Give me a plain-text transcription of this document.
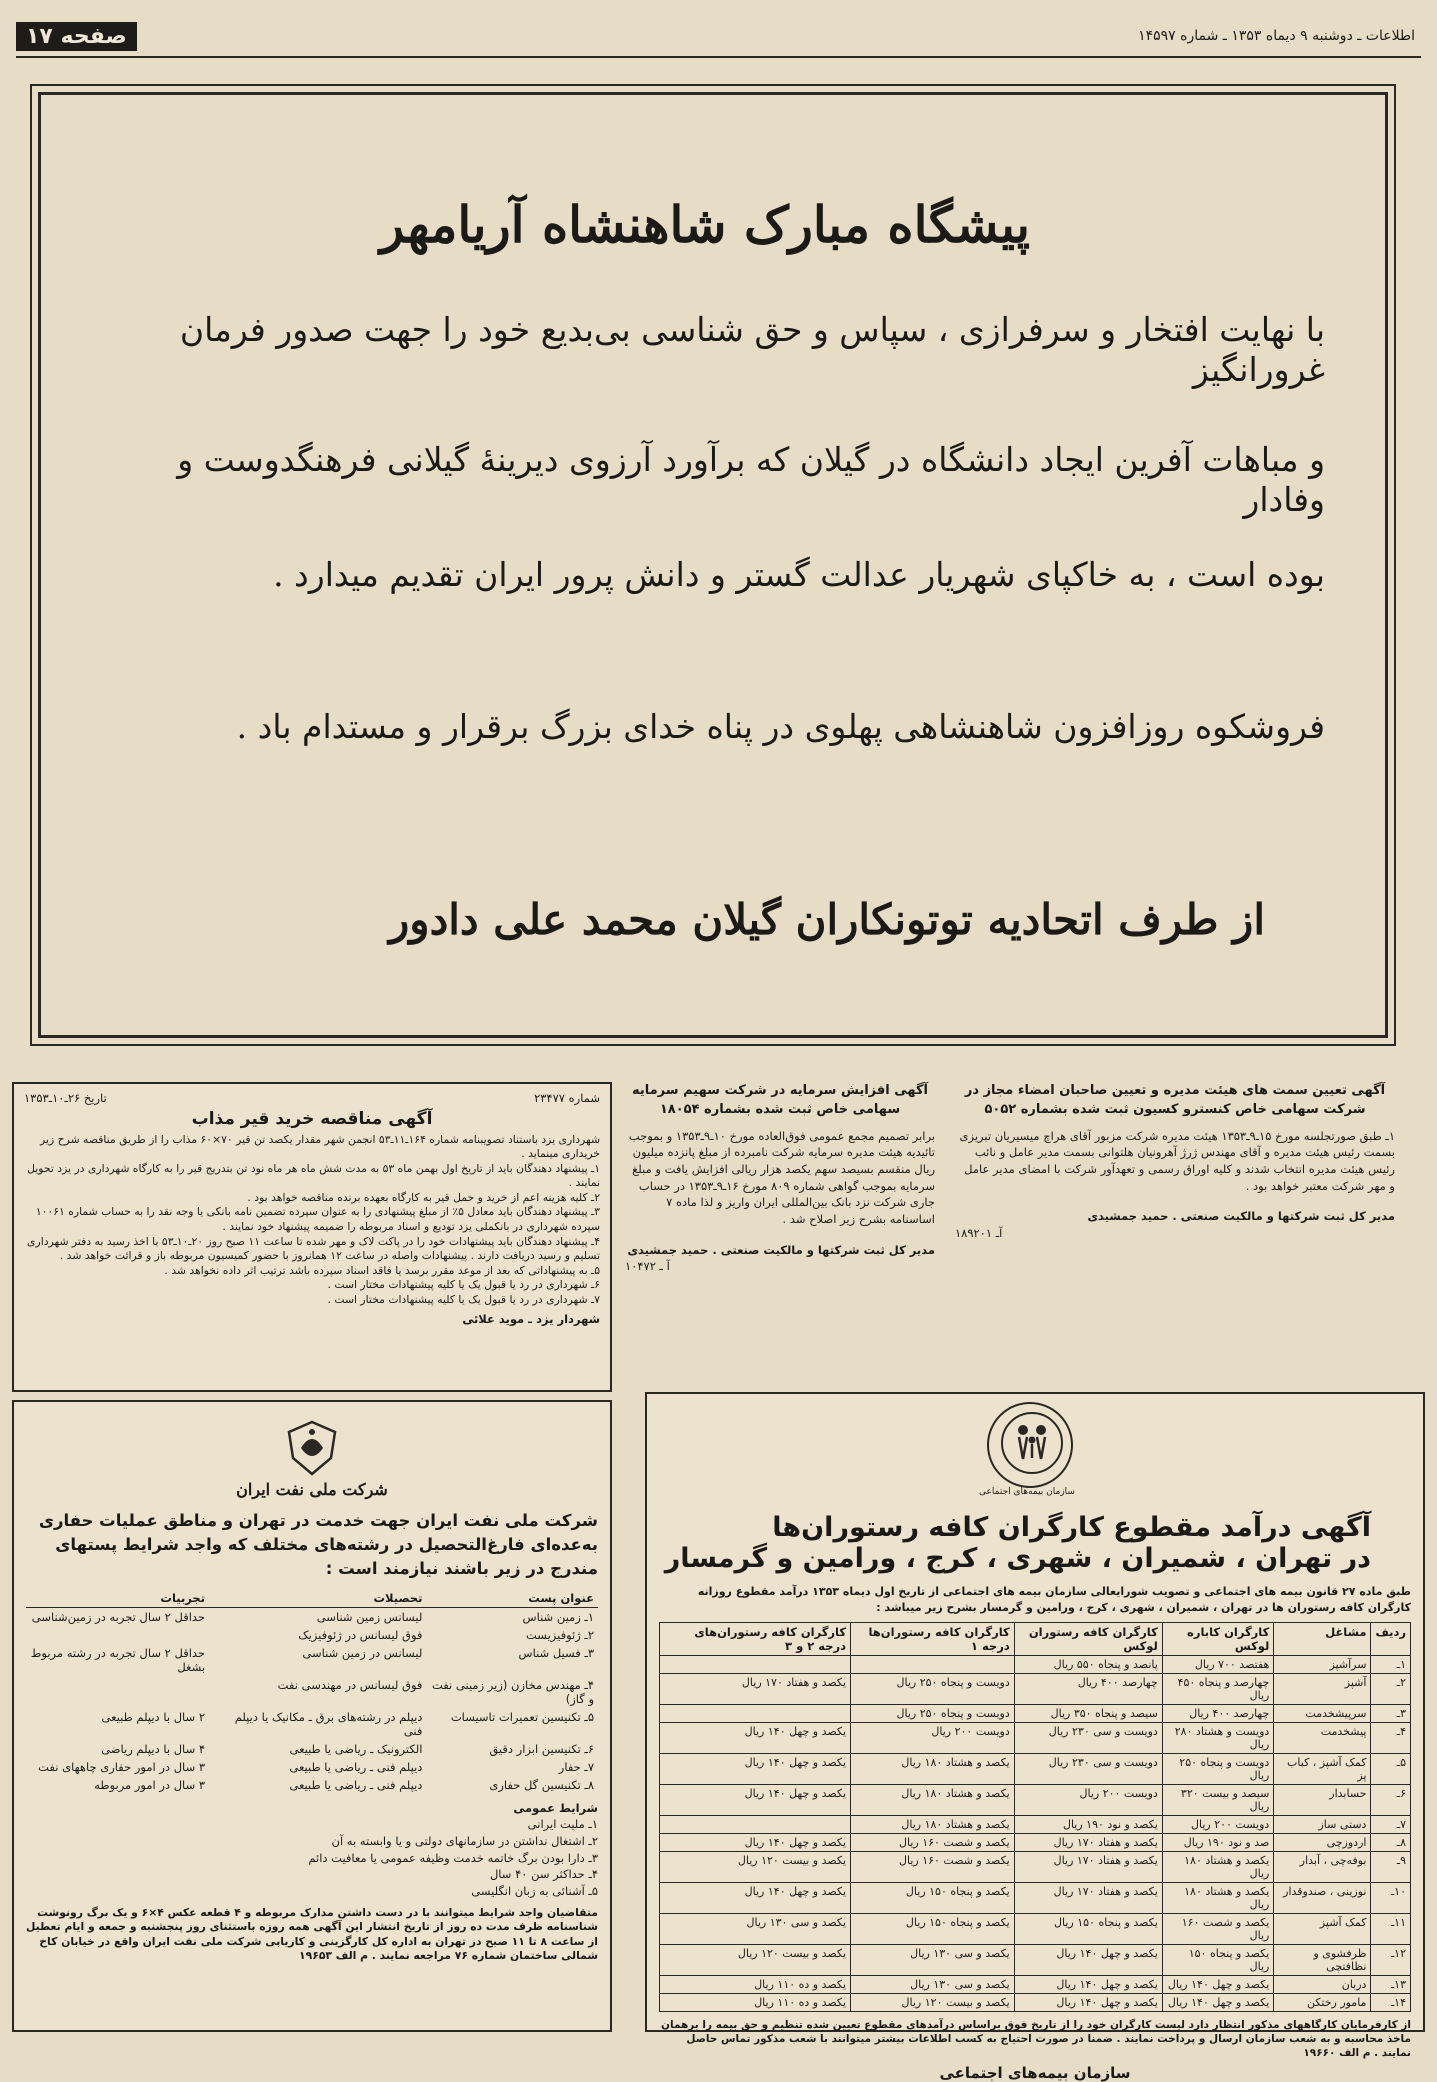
صفحه ۱۷	اطلاعات ـ دوشنبه ۹ دیماه ۱۳۵۳ ـ شماره ۱۴۵۹۷
پیشگاه مبارک شاهنشاه آریامهر
با نهایت افتخار و سرفرازی ، سپاس و حق شناسی بی‌بدیع خود را جهت صدور فرمان غرورانگیز
و مباهات آفرین ایجاد دانشگاه در گیلان که برآورد آرزوی دیرینهٔ گیلانی فرهنگدوست و وفادار
بوده است ، به خاکپای شهریار عدالت گستر و دانش پرور ایران تقدیم میدارد .
فروشکوه روزافزون شاهنشاهی پهلوی در پناه خدای بزرگ برقرار و مستدام باد .
از طرف اتحادیه توتونکاران گیلان محمد علی دادور
آگهی تعیین سمت های هیئت مدیره و تعیین صاحبان امضاء مجاز در شرکت سهامی خاص کنسترو کسیون ثبت شده بشماره ۵۰۵۲
۱ـ طبق صورتجلسه مورخ ۱۵ـ۹ـ۱۳۵۳ هیئت مدیره شرکت مزبور آقای هراچ میسیریان تبریزی بسمت رئیس هیئت مدیره و آقای مهندس ژرژ آهرونیان هلتوانی بسمت مدیر عامل و نائب رئیس هیئت مدیره انتخاب شدند و کلیه اوراق رسمی و تعهدآور شرکت با امضای مدیر عامل و مهر شرکت معتبر خواهد بود .
مدیر کل ثبت شرکتها و مالکیت صنعتی . حمید جمشیدی
آـ ۱۸۹۲۰۱
آگهی افزایش سرمایه در شرکت سهیم سرمایه سهامی خاص ثبت شده بشماره ۱۸۰۵۴
برابر تصمیم مجمع عمومی فوق‌العاده مورخ ۱۰ـ۹ـ۱۳۵۳ و بموجب تائیدیه هیئت مدیره سرمایه شرکت نامبرده از مبلغ پانزده میلیون ریال منقسم بسیصد سهم یکصد هزار ریالی افزایش یافت و مبلغ سرمایه بموجب گواهی شماره ۸۰۹ مورخ ۱۶ـ۹ـ۱۳۵۳ در حساب جاری شرکت نزد بانک بین‌المللی ایران واریز و لذا ماده ۷ اساسنامه بشرح زیر اصلاح شد .
مدیر کل ثبت شرکتها و مالکیت صنعتی . حمید جمشیدی
آ ـ ۱۰۴۷۲
شماره ۲۳۴۷۷
تاریخ ۲۶ـ۱۰ـ۱۳۵۳
آگهی مناقصه خرید قیر مذاب
شهرداری یزد باستناد تصویبنامه شماره ۱۶۴ـ۱۱ـ۵۳ انجمن شهر مقدار یکصد تن قیر ۷۰×۶۰ مذاب را از طریق مناقصه شرح زیر خریداری مینماید .
۱ـ پیشنهاد دهندگان باید از تاریخ اول بهمن ماه ۵۳ به مدت شش ماه هر ماه نود تن بتدریج قیر را به کارگاه شهرداری در یزد تحویل نمایند .
۲ـ کلیه هزینه اعم از خرید و حمل قیر به کارگاه بعهده برنده مناقصه خواهد بود .
۳ـ پیشنهاد دهندگان باید معادل ۵٪ از مبلغ پیشنهادی را به عنوان سپرده تضمین نامه بانکی یا وجه نقد را به حساب شماره ۱۰۰۶۱ سپرده شهرداری در بانکملی یزد تودیع و اسناد مربوطه را ضمیمه پیشنهاد خود نمایند .
۴ـ پیشنهاد دهندگان باید پیشنهادات خود را در پاکت لاک و مهر شده تا ساعت ۱۱ صبح روز ۲۰ـ۱۰ـ۵۳ با اخذ رسید به دفتر شهرداری تسلیم و رسید دریافت دارند . پیشنهادات واصله در ساعت ۱۲ همانروز با حضور کمیسیون مربوطه باز و قرائت خواهد شد .
۵ـ به پیشنهاداتی که بعد از موعد مقرر برسد یا فاقد اسناد سپرده باشد ترتیب اثر داده نخواهد شد .
۶ـ شهرداری در رد یا قبول یک یا کلیه پیشنهادات مختار است .
۷ـ شهرداری در رد یا قبول یک یا کلیه پیشنهادات مختار است .
شهردار یزد ـ موید علائی
سازمان بیمه‌های اجتماعی
آگهی درآمد مقطوع کارگران کافه رستوران‌ها
در تهران ، شمیران ، شهری ، کرج ، ورامین و گرمسار
طبق ماده ۲۷ قانون بیمه های اجتماعی و تصویب شورایعالی سازمان بیمه های اجتماعی از تاریخ اول دیماه ۱۳۵۳ درآمد مقطوع روزانه کارگران کافه رستوران ها در تهران ، شمیران ، شهری ، کرج ، ورامین و گرمسار بشرح زیر میباشد :
ردیف	مشاغل	کارگران کاباره لوکس	کارگران کافه رستوران لوکس	کارگران کافه رستوران‌ها درجه ۱	کارگران کافه رستوران‌های درجه ۲ و ۳
۱ـ	سرآشپز	هفتصد ۷۰۰ ریال	پانصد و پنجاه ۵۵۰ ریال		
۲ـ	آشپز	چهارصد و پنجاه ۴۵۰ ریال	چهارصد ۴۰۰ ریال	دویست و پنجاه ۲۵۰ ریال	یکصد و هفتاد ۱۷۰ ریال
۳ـ	سرپیشخدمت	چهارصد ۴۰۰ ریال	سیصد و پنجاه ۳۵۰ ریال	دویست و پنجاه ۲۵۰ ریال	
۴ـ	پیشخدمت	دویست و هشتاد ۲۸۰ ریال	دویست و سی ۲۳۰ ریال	دویست ۲۰۰ ریال	یکصد و چهل ۱۴۰ ریال
۵ـ	کمک آشپز ، کباب پز	دویست و پنجاه ۲۵۰ ریال	دویست و سی ۲۳۰ ریال	یکصد و هشتاد ۱۸۰ ریال	یکصد و چهل ۱۴۰ ریال
۶ـ	حسابدار	سیصد و بیست ۳۲۰ ریال	دویست ۲۰۰ ریال	یکصد و هشتاد ۱۸۰ ریال	یکصد و چهل ۱۴۰ ریال
۷ـ	دستی ساز	دویست ۲۰۰ ریال	یکصد و نود ۱۹۰ ریال	یکصد و هشتاد ۱۸۰ ریال	
۸ـ	اردوزچی	صد و نود ۱۹۰ ریال	یکصد و هفتاد ۱۷۰ ریال	یکصد و شصت ۱۶۰ ریال	یکصد و چهل ۱۴۰ ریال
۹ـ	بوفه‌چی ، آبدار	یکصد و هشتاد ۱۸۰ ریال	یکصد و هفتاد ۱۷۰ ریال	یکصد و شصت ۱۶۰ ریال	یکصد و بیست ۱۲۰ ریال
۱۰ـ	نوزینی ، صندوقدار	یکصد و هشتاد ۱۸۰ ریال	یکصد و هفتاد ۱۷۰ ریال	یکصد و پنجاه ۱۵۰ ریال	یکصد و چهل ۱۴۰ ریال
۱۱ـ	کمک آشپز	یکصد و شصت ۱۶۰ ریال	یکصد و پنجاه ۱۵۰ ریال	یکصد و پنجاه ۱۵۰ ریال	یکصد و سی ۱۳۰ ریال
۱۲ـ	ظرفشوی و نظافتچی	یکصد و پنجاه ۱۵۰ ریال	یکصد و چهل ۱۴۰ ریال	یکصد و سی ۱۳۰ ریال	یکصد و بیست ۱۲۰ ریال
۱۳ـ	دربان	یکصد و چهل ۱۴۰ ریال	یکصد و چهل ۱۴۰ ریال	یکصد و سی ۱۳۰ ریال	یکصد و ده ۱۱۰ ریال
۱۴ـ	مامور رختکن	یکصد و چهل ۱۴۰ ریال	یکصد و چهل ۱۴۰ ریال	یکصد و بیست ۱۲۰ ریال	یکصد و ده ۱۱۰ ریال
از کارفرمایان کارگاههای مذکور انتظار دارد لیست کارگران خود را از تاریخ فوق براساس درآمدهای مقطوع تعیین شده تنظیم و حق بیمه را برهمان ماخذ محاسبه و به شعب سازمان ارسال و پرداخت نمایند . ضمنا در صورت احتیاج به کسب اطلاعات بیشتر میتوانند با شعب مذکور تماس حاصل نمایند . م الف ۱۹۶۶۰
سازمان بیمه‌های اجتماعی
شرکت ملی نفت ایران
شرکت ملی نفت ایران جهت خدمت در تهران و مناطق عملیات حفاری به‌عده‌ای فارغ‌التحصیل در رشته‌های مختلف که واجد شرایط پستهای مندرج در زیر باشند نیازمند است :
عنوان پست	تحصیلات	تجربیات
۱ـ زمین شناس	لیسانس زمین شناسی	حداقل ۲ سال تجربه در زمین‌شناسی
۲ـ ژئوفیزیست	فوق لیسانس در ژئوفیزیک	
۳ـ فسیل شناس	لیسانس در زمین شناسی	حداقل ۲ سال تجربه در رشته مربوط بشغل
۴ـ مهندس مخازن (زیر زمینی نفت و گاز)	فوق لیسانس در مهندسی نفت	
۵ـ تکنیسین تعمیرات تاسیسات	دیپلم در رشته‌های برق ـ مکانیک یا دیپلم فنی	۲ سال با دیپلم طبیعی
۶ـ تکنیسین ابزار دقیق	الکترونیک ـ ریاضی یا طبیعی	۴ سال با دیپلم ریاضی
۷ـ حفار	دیپلم فنی ـ ریاضی یا طبیعی	۳ سال در امور حفاری چاههای نفت
۸ـ تکنیسین گل حفاری	دیپلم فنی ـ ریاضی یا طبیعی	۳ سال در امور مربوطه
شرایط عمومی
۱ـ ملیت ایرانی
۲ـ اشتغال نداشتن در سازمانهای دولتی و یا وابسته به آن
۳ـ دارا بودن برگ خاتمه خدمت وظیفه عمومی یا معافیت دائم
۴ـ حداکثر سن ۴۰ سال
۵ـ آشنائی به زبان انگلیسی
متقاضیان واجد شرایط میتوانند با در دست داشتن مدارک مربوطه و ۴ قطعه عکس ۴×۶ و یک برگ رونوشت شناسنامه ظرف مدت ده روز از تاریخ انتشار این آگهی همه روزه باستثنای روز پنجشنبه و جمعه و ایام تعطیل از ساعت ۸ تا ۱۱ صبح در تهران به اداره کل کارگزینی و کاریابی شرکت ملی نفت ایران واقع در خیابان کاخ شمالی ساختمان شماره ۷۶ مراجعه نمایند . م الف ۱۹۶۵۳
